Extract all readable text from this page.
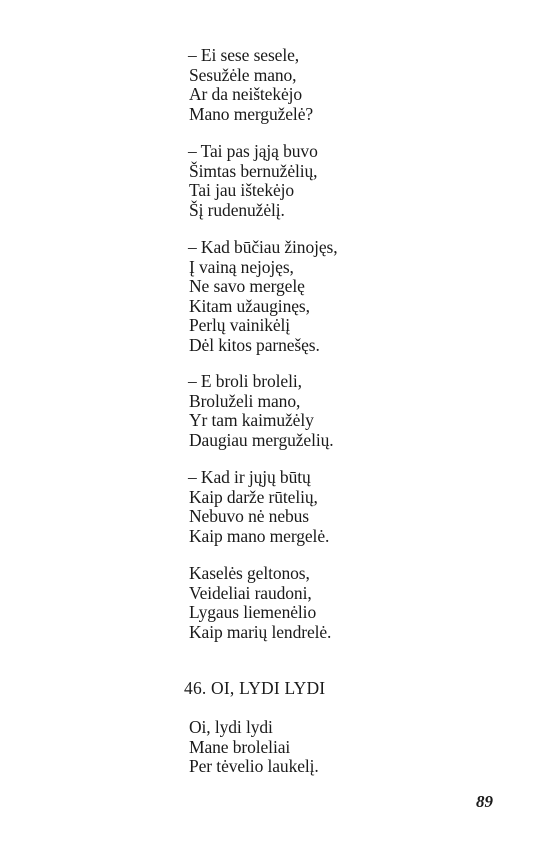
– Ei sese sesele,
Sesužėle mano,
Ar da neištekėjo
Mano merguželė?
– Tai pas jąją buvo
Šimtas bernužėlių,
Tai jau ištekėjo
Šį rudenužėlį.
– Kad būčiau žinojęs,
Į vainą nejojęs,
Ne savo mergelę
Kitam užauginęs,
Perlų vainikėlį
Dėl kitos parnešęs.
– E broli broleli,
Broluželi mano,
Yr tam kaimužėly
Daugiau merguželių.
– Kad ir jųjų būtų
Kaip darže rūtelių,
Nebuvo nė nebus
Kaip mano mergelė.
Kaselės geltonos,
Veideliai raudoni,
Lygaus liemenėlio
Kaip marių lendrelė.
46. OI, LYDI LYDI
Oi, lydi lydi
Mane broleliai
Per tėvelio laukelį.
89
